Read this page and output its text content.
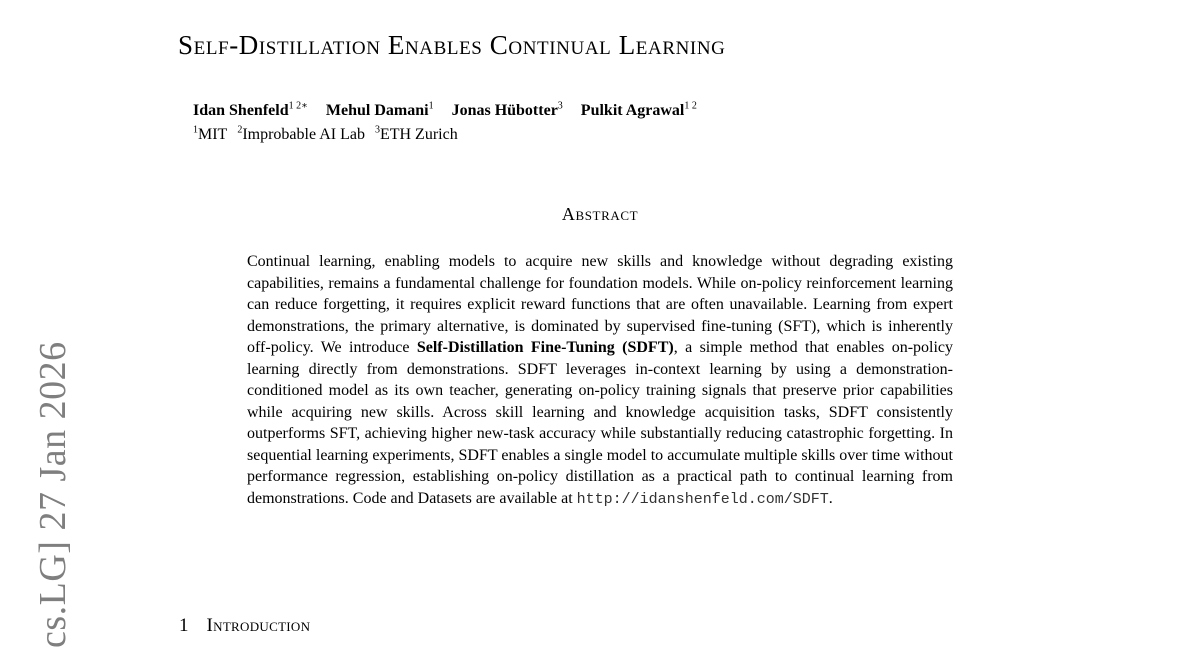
cs.LG] 27 Jan 2026
Self-Distillation Enables Continual Learning
Idan Shenfeld$^{1 2∗}$ Mehul Damani$^1$ Jonas Hübotter$^3$ Pulkit Agrawal$^{1 2}$
$^1$MIT $^2$Improbable AI Lab $^3$ETH Zurich
Abstract

Continual learning, enabling models to acquire new skills and knowledge without degrading existing capabilities, remains a fundamental challenge for foundation models. While on-policy reinforcement learning can reduce forgetting, it requires explicit reward functions that are often unavailable. Learning from expert demonstrations, the primary alternative, is dominated by supervised fine-tuning (SFT), which is inherently off-policy. We introduce Self-Distillation Fine-Tuning (SDFT), a simple method that enables on-policy learning directly from demonstrations. SDFT leverages in-context learning by using a demonstration-conditioned model as its own teacher, generating on-policy training signals that preserve prior capabilities while acquiring new skills. Across skill learning and knowledge acquisition tasks, SDFT consistently outperforms SFT, achieving higher new-task accuracy while substantially reducing catastrophic forgetting. In sequential learning experiments, SDFT enables a single model to accumulate multiple skills over time without performance regression, establishing on-policy distillation as a practical path to continual learning from demonstrations. Code and Datasets are available at http://idanshenfeld.com/SDFT.

1 Introduction
